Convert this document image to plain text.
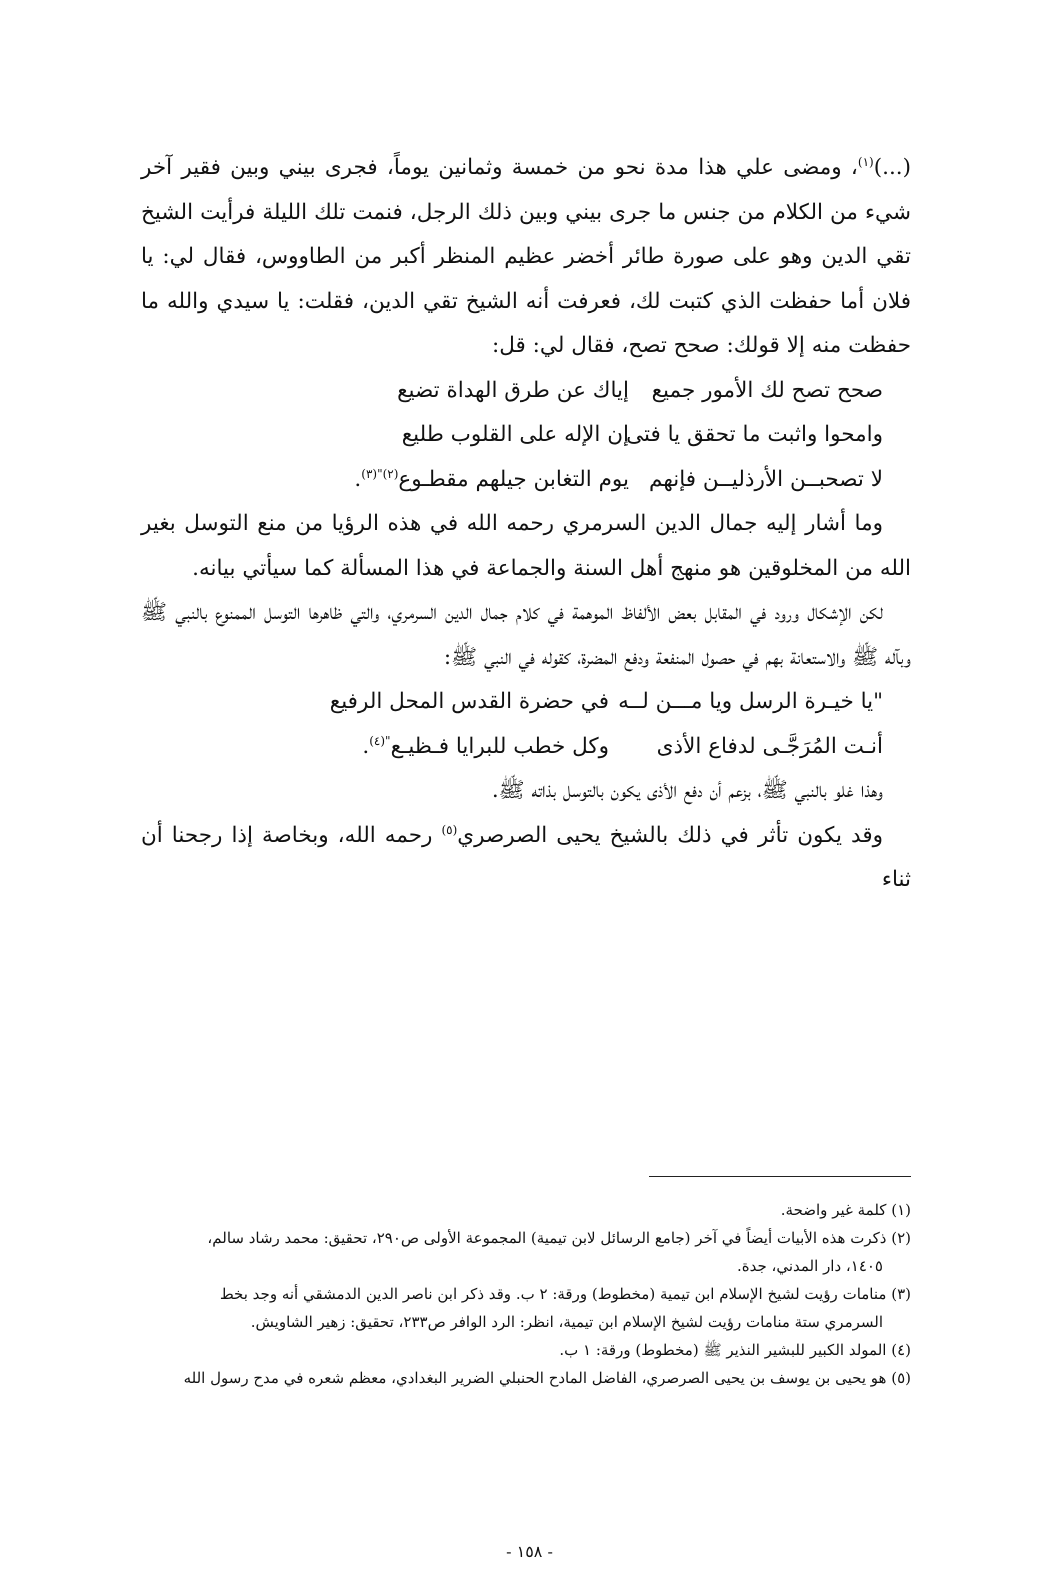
(...)$^{(١)}$، ومضى علي هذا مدة نحو من خمسة وثمانين يوماً، فجرى بيني وبين فقير آخر شيء من الكلام من جنس ما جرى بيني وبين ذلك الرجل، فنمت تلك الليلة فرأيت الشيخ تقي الدين وهو على صورة طائر أخضر عظيم المنظر أكبر من الطاووس، فقال لي: يا فلان أما حفظت الذي كتبت لك، فعرفت أنه الشيخ تقي الدين، فقلت: يا سيدي والله ما حفظت منه إلا قولك: صحح تصح، فقال لي: قل:

صحح تصح لك الأمور جميع
إياك عن طرق الهداة تضيع
وامحوا واثبت ما تحقق يا فتى
إن الإله على القلوب طليع
لا تصحبــن الأرذليــن فإنهم
يوم التغابن جيلهم مقطـوع$^{(٢)"(٣)}$.

وما أشار إليه جمال الدين السرمري رحمه الله في هذه الرؤيا من منع التوسل بغير الله من المخلوقين هو منهج أهل السنة والجماعة في هذا المسألة كما سيأتي بيانه.

لكن الإشكال ورود في المقابل بعض الألفاظ الموهمة في كلام جمال الدين السرمري، والتي ظاهرها التوسل الممنوع بالنبي ﷺ وبآله ﷺ والاستعانة بهم في حصول المنفعة ودفع المضرة، كقوله في النبي ﷺ:

"يا خيـرة الرسل ويا مـــن لــه
في حضرة القدس المحل الرفيع
أنـت المُرَجَّـى لدفاع الأذى
وكل خطب للبرايا فـظيـع$^{"(٤)}$.

وهذا غلو بالنبي ﷺ، بزعم أن دفع الأذى يكون بالتوسل بذاته ﷺ.

وقد يكون تأثر في ذلك بالشيخ يحيى الصرصري$^{(٥)}$ رحمه الله، وبخاصة إذا رجحنا أن ثناء

(١) كلمة غير واضحة.

(٢) ذكرت هذه الأبيات أيضاً في آخر (جامع الرسائل لابن تيمية) المجموعة الأولى ص٢٩٠، تحقيق: محمد رشاد سالم،
١٤٠٥، دار المدني، جدة.

(٣) منامات رؤيت لشيخ الإسلام ابن تيمية (مخطوط) ورقة: ٢ ب. وقد ذكر ابن ناصر الدين الدمشقي أنه وجد بخط
السرمري ستة منامات رؤيت لشيخ الإسلام ابن تيمية، انظر: الرد الوافر ص٢٣٣، تحقيق: زهير الشاويش.

(٤) المولد الكبير للبشير النذير ﷺ (مخطوط) ورقة: ١ ب.

(٥) هو يحيى بن يوسف بن يحيى الصرصري، الفاضل المادح الحنبلي الضرير البغدادي، معظم شعره في مدح رسول الله

- ١٥٨ -
